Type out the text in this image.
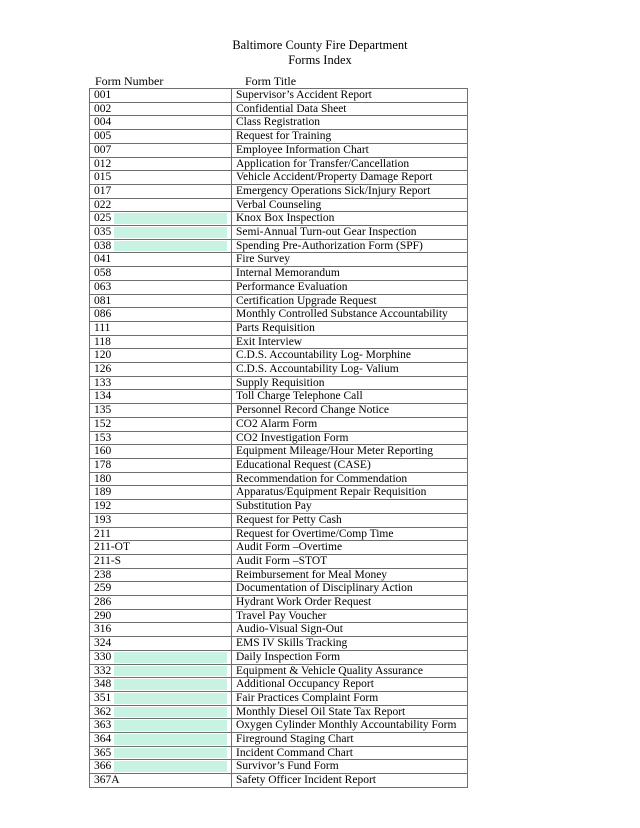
Baltimore County Fire Department
Forms Index
Form Number	Form Title
001	Supervisor’s Accident Report
002	Confidential Data Sheet
004	Class Registration
005	Request for Training
007	Employee Information Chart
012	Application for Transfer/Cancellation
015	Vehicle Accident/Property Damage Report
017	Emergency Operations Sick/Injury Report
022	Verbal Counseling

025	Knox Box Inspection

035	Semi-Annual Turn-out Gear Inspection

038	Spending Pre-Authorization Form (SPF)
041	Fire Survey
058	Internal Memorandum
063	Performance Evaluation
081	Certification Upgrade Request
086	Monthly Controlled Substance Accountability
111	Parts Requisition
118	Exit Interview
120	C.D.S. Accountability Log- Morphine
126	C.D.S. Accountability Log- Valium
133	Supply Requisition
134	Toll Charge Telephone Call
135	Personnel Record Change Notice
152	CO2 Alarm Form
153	CO2 Investigation Form
160	Equipment Mileage/Hour Meter Reporting
178	Educational Request (CASE)
180	Recommendation for Commendation
189	Apparatus/Equipment Repair Requisition
192	Substitution Pay
193	Request for Petty Cash
211	Request for Overtime/Comp Time
211-OT	Audit Form –Overtime
211-S	Audit Form –STOT
238	Reimbursement for Meal Money
259	Documentation of Disciplinary Action
286	Hydrant Work Order Request
290	Travel Pay Voucher
316	Audio-Visual Sign-Out
324	EMS IV Skills Tracking

330	Daily Inspection Form

332	Equipment & Vehicle Quality Assurance

348	Additional Occupancy Report

351	Fair Practices Complaint Form

362	Monthly Diesel Oil State Tax Report

363	Oxygen Cylinder Monthly Accountability Form

364	Fireground Staging Chart

365	Incident Command Chart

366	Survivor’s Fund Form
367A	Safety Officer Incident Report
